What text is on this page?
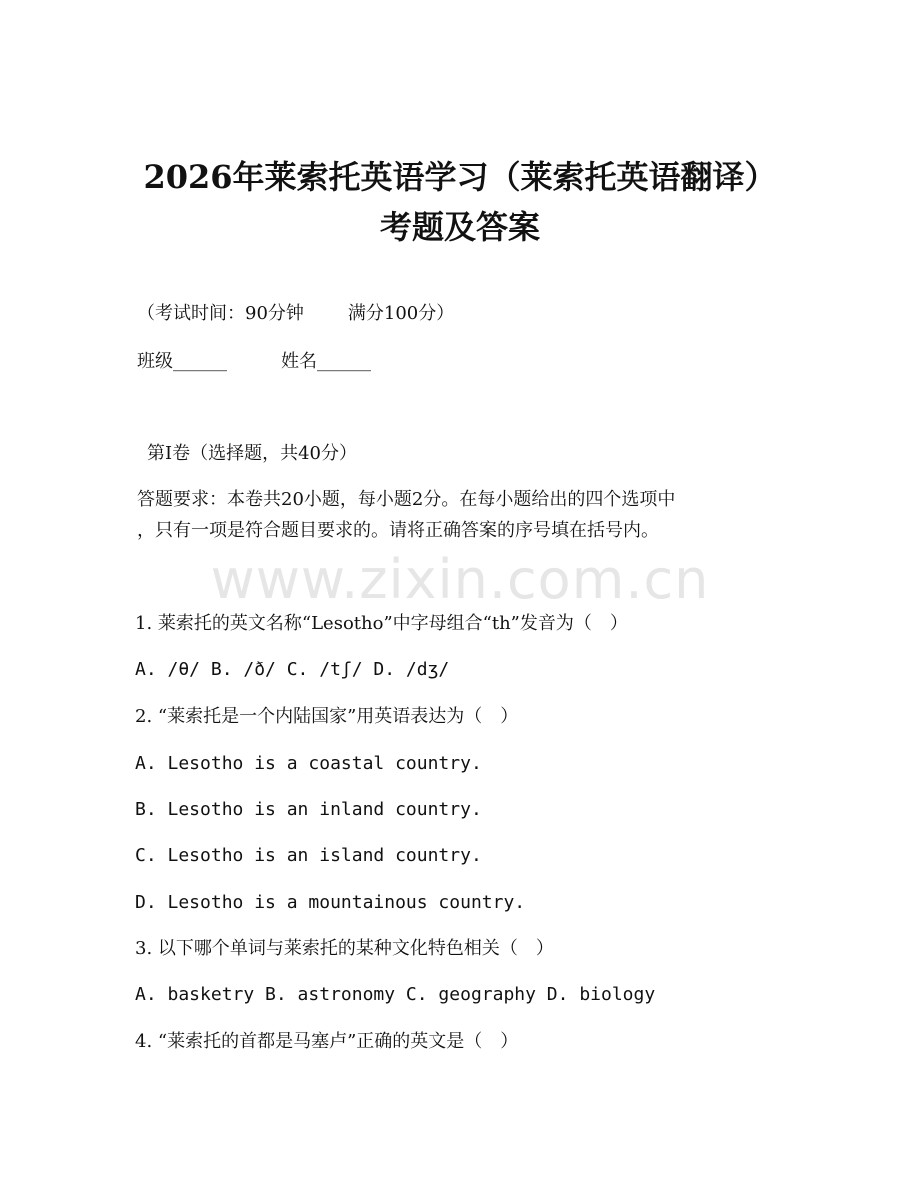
2026年莱索托英语学习（莱索托英语翻译）
考题及答案
（考试时间：90分钟 满分100分）
班级______	姓名______
第Ⅰ卷（选择题，共40分）
答题要求：本卷共20小题，每小题2分。在每小题给出的四个选项中
，只有一项是符合题目要求的。请将正确答案的序号填在括号内。
www.zixin.com.cn
1. 莱索托的英文名称“Lesotho”中字母组合“th”发音为（　）
A. /θ/ B. /ð/ C. /tʃ/ D. /dʒ/
2. “莱索托是一个内陆国家”用英语表达为（　）
A. Lesotho is a coastal country.
B. Lesotho is an inland country.
C. Lesotho is an island country.
D. Lesotho is a mountainous country.
3. 以下哪个单词与莱索托的某种文化特色相关（　）
A. basketry B. astronomy C. geography D. biology
4. “莱索托的首都是马塞卢”正确的英文是（　）
